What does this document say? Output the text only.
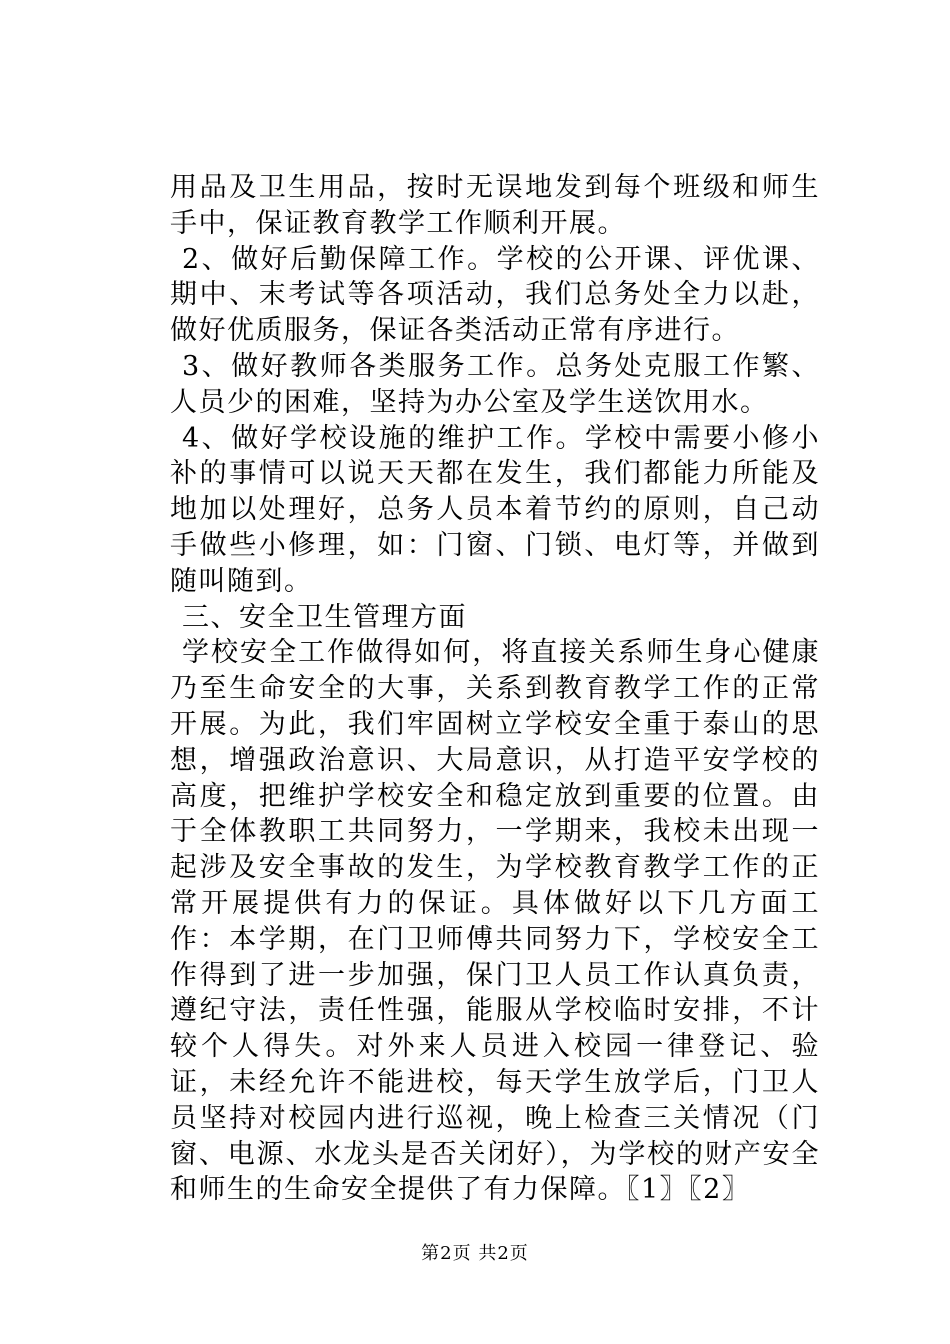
用品及卫生用品，按时无误地发到每个班级和师生手中，保证教育教学工作顺利开展。

2、做好后勤保障工作。学校的公开课、评优课、期中、末考试等各项活动，我们总务处全力以赴，做好优质服务，保证各类活动正常有序进行。

3、做好教师各类服务工作。总务处克服工作繁、人员少的困难，坚持为办公室及学生送饮用水。

4、做好学校设施的维护工作。学校中需要小修小补的事情可以说天天都在发生，我们都能力所能及地加以处理好，总务人员本着节约的原则，自己动手做些小修理，如：门窗、门锁、电灯等，并做到随叫随到。

三、安全卫生管理方面

学校安全工作做得如何，将直接关系师生身心健康乃至生命安全的大事，关系到教育教学工作的正常开展。为此，我们牢固树立学校安全重于泰山的思想，增强政治意识、大局意识，从打造平安学校的高度，把维护学校安全和稳定放到重要的位置。由于全体教职工共同努力，一学期来，我校未出现一起涉及安全事故的发生，为学校教育教学工作的正常开展提供有力的保证。具体做好以下几方面工作：本学期，在门卫师傅共同努力下，学校安全工作得到了进一步加强，保门卫人员工作认真负责，遵纪守法，责任性强，能服从学校临时安排，不计较个人得失。对外来人员进入校园一律登记、验证，未经允许不能进校，每天学生放学后，门卫人员坚持对校园内进行巡视，晚上检查三关情况（门窗、电源、水龙头是否关闭好），为学校的财产安全和师生的生命安全提供了有力保障。〖1〗〖2〗

第2页 共2页
